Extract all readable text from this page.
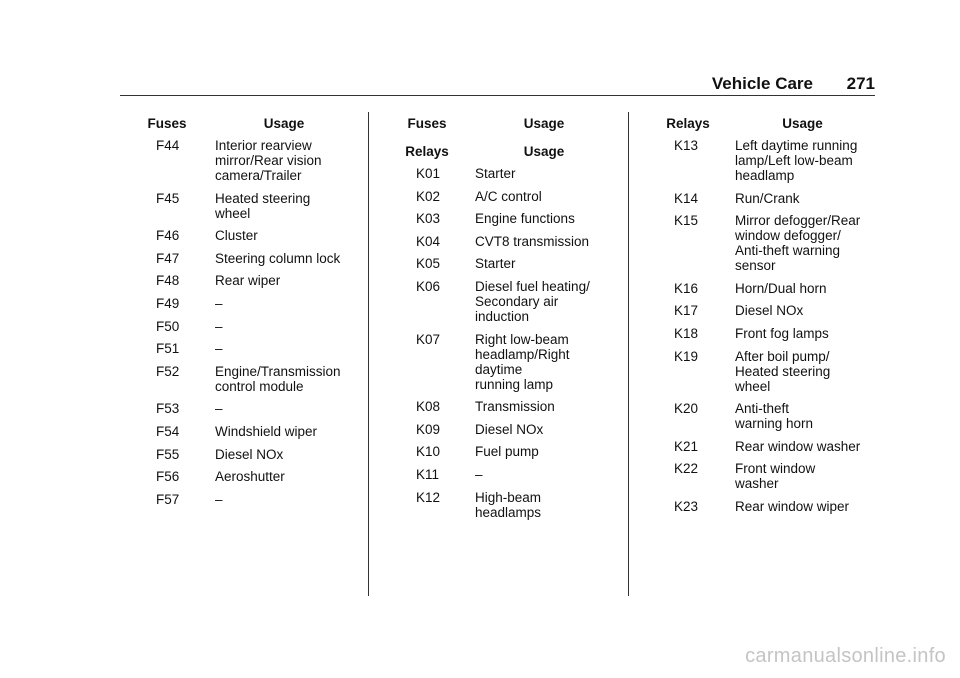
Vehicle Care 271
Fuses	Usage
F44	Interior rearview
mirror/Rear vision
camera/Trailer
F45	Heated steering
wheel
F46	Cluster
F47	Steering column lock
F48	Rear wiper
F49	–
F50	–
F51	–
F52	Engine/Transmission
control module
F53	–
F54	Windshield wiper
F55	Diesel NOx
F56	Aeroshutter
F57	–
Fuses	Usage
Relays	Usage
K01	Starter
K02	A/C control
K03	Engine functions
K04	CVT8 transmission
K05	Starter
K06	Diesel fuel heating/
Secondary air
induction
K07	Right low-beam
headlamp/Right
daytime
running lamp
K08	Transmission
K09	Diesel NOx
K10	Fuel pump
K11	–
K12	High-beam
headlamps
Relays	Usage
K13	Left daytime running
lamp/Left low-beam
headlamp
K14	Run/Crank
K15	Mirror defogger/Rear
window defogger/
Anti-theft warning
sensor
K16	Horn/Dual horn
K17	Diesel NOx
K18	Front fog lamps
K19	After boil pump/
Heated steering
wheel
K20	Anti-theft
warning horn
K21	Rear window washer
K22	Front window
washer
K23	Rear window wiper
carmanualsonline.info
